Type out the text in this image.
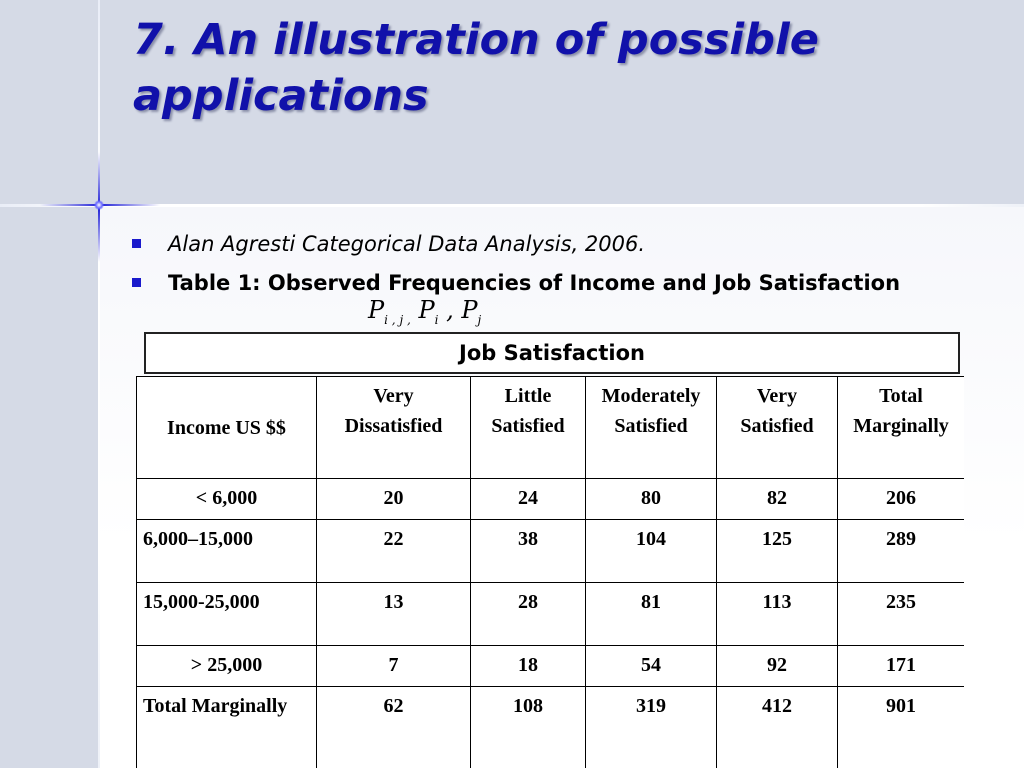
7. An illustration of possible applications
Alan Agresti Categorical Data Analysis, 2006.
Table 1: Observed Frequencies of Income and Job Satisfaction
$P_{i , j ,}$ $P_i$ , $P_j$
Job Satisfaction
Income US $$	Very Dissatisfied	Little Satisfied	Moderately Satisfied	Very Satisfied	Total Marginally
< 6,000	20	24	80	82	206
6,000–15,000	22	38	104	125	289
15,000-25,000	13	28	81	113	235
> 25,000	7	18	54	92	171
Total Marginally	62	108	319	412	901
